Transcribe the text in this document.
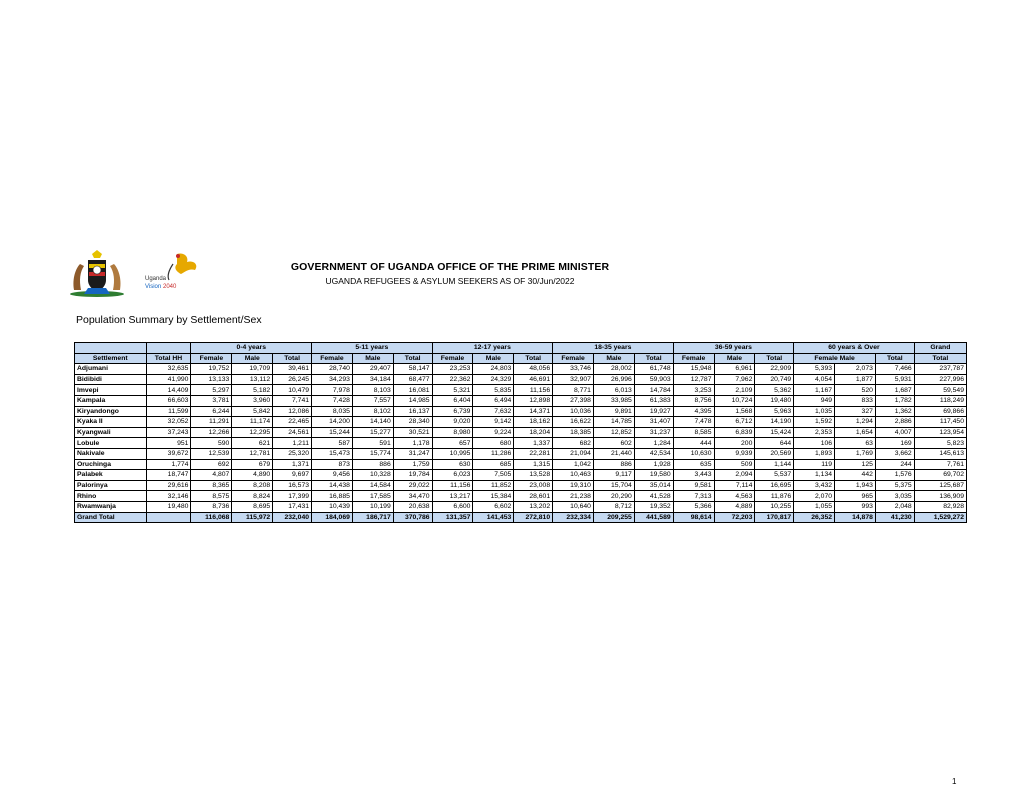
Uganda
Vision 2040
GOVERNMENT OF UGANDA OFFICE OF THE PRIME MINISTER
UGANDA REFUGEES & ASYLUM SEEKERS AS OF 30/Jun/2022
Population Summary by Settlement/Sex
		0-4 years			5-11 years			12-17 years			18-35 years			36-59 years			60 years & Over			Grand
Settlement	Total HH	Female	Male	Total	Female	Male	Total	Female	Male	Total	Female	Male	Total	Female	Male	Total	Female Male		Total	Total
Adjumani	32,635	19,752	19,709	39,461	28,740	29,407	58,147	23,253	24,803	48,056	33,746	28,002	61,748	15,948	6,961	22,909	5,393	2,073	7,466	237,787
Bidibidi	41,990	13,133	13,112	26,245	34,293	34,184	68,477	22,362	24,329	46,691	32,907	26,996	59,903	12,787	7,962	20,749	4,054	1,877	5,931	227,996
Imvepi	14,409	5,297	5,182	10,479	7,978	8,103	16,081	5,321	5,835	11,156	8,771	6,013	14,784	3,253	2,109	5,362	1,167	520	1,687	59,549
Kampala	66,603	3,781	3,960	7,741	7,428	7,557	14,985	6,404	6,494	12,898	27,398	33,985	61,383	8,756	10,724	19,480	949	833	1,782	118,249
Kiryandongo	11,599	6,244	5,842	12,086	8,035	8,102	16,137	6,739	7,632	14,371	10,036	9,891	19,927	4,395	1,568	5,963	1,035	327	1,362	69,866
Kyaka II	32,052	11,291	11,174	22,465	14,200	14,140	28,340	9,020	9,142	18,162	16,622	14,785	31,407	7,478	6,712	14,190	1,592	1,294	2,886	117,450
Kyangwali	37,243	12,266	12,295	24,561	15,244	15,277	30,521	8,980	9,224	18,204	18,385	12,852	31,237	8,585	6,839	15,424	2,353	1,654	4,007	123,954
Lobule	951	590	621	1,211	587	591	1,178	657	680	1,337	682	602	1,284	444	200	644	106	63	169	5,823
Nakivale	39,672	12,539	12,781	25,320	15,473	15,774	31,247	10,995	11,286	22,281	21,094	21,440	42,534	10,630	9,939	20,569	1,893	1,769	3,662	145,613
Oruchinga	1,774	692	679	1,371	873	886	1,759	630	685	1,315	1,042	886	1,928	635	509	1,144	119	125	244	7,761
Palabek	18,747	4,807	4,890	9,697	9,456	10,328	19,784	6,023	7,505	13,528	10,463	9,117	19,580	3,443	2,094	5,537	1,134	442	1,576	69,702
Palorinya	29,616	8,365	8,208	16,573	14,438	14,584	29,022	11,156	11,852	23,008	19,310	15,704	35,014	9,581	7,114	16,695	3,432	1,943	5,375	125,687
Rhino	32,146	8,575	8,824	17,399	16,885	17,585	34,470	13,217	15,384	28,601	21,238	20,290	41,528	7,313	4,563	11,876	2,070	965	3,035	136,909
Rwamwanja	19,480	8,736	8,695	17,431	10,439	10,199	20,638	6,600	6,602	13,202	10,640	8,712	19,352	5,366	4,889	10,255	1,055	993	2,048	82,928
Grand Total		116,068	115,972	232,040	184,069	186,717	370,786	131,357	141,453	272,810	232,334	209,255	441,589	98,614	72,203	170,817	26,352	14,878	41,230	1,529,272
1
